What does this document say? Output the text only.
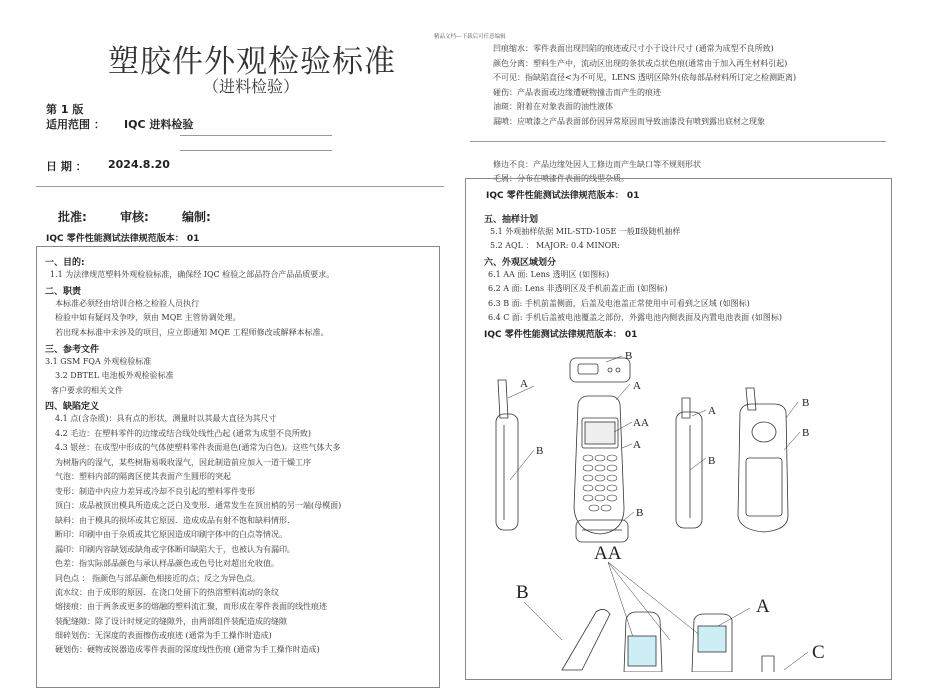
精品文档---下载后可任意编辑
塑胶件外观检验标准
（进料检验）
第 1 版
适用范围 ： IQC 进料检验
日 期 ： 2024.8.20
批准:	审核:	编制:
IQC 零件性能测试法律规范版本： 01
一、目的:
1.1 为法律规范塑料外观检验标准，确保经 IQC 检验之部品符合产品品质要求。
二、职责
本标准必须经由培训合格之检验人员执行
检验中如有疑问及争吵，须由 MQE 主管协调处理。
若出现本标准中未涉及的项目，应立即通知 MQE 工程师修改或解释本标准。
三、参考文件
3.1 GSM FQA 外观检验标准
3.2 DBTEL 电池板外观检验标准
客户要求的相关文件
四、缺陷定义
4.1 点(含杂质)：具有点的形状，测量时以其最大直径为其尺寸
4.2 毛边：在塑料零件的边缘或结合线处线性凸起 (通常为成型不良所致)
4.3 银丝：在成型中形成的气体使塑料零件表面退色(通常为白色)。这些气体大多
为树脂内的湿气，某些树脂易吸收湿气，因此制造前应加入一道干燥工序
气泡：塑料内部的隔离区使其表面产生圆形的突起
变形：制造中内应力差异或冷却不良引起的塑料零件变形
顶白：成品被顶出模具所造成之泛白及变形．通常发生在顶出梢的另一端(母模面)
缺料：由于模具的损坏或其它原因．造成成品有射不饱和缺料情形.
断印：印刷中由于杂质或其它原因造成印刷字体中的白点等情况。
漏印：印刷内容缺划或缺角或字体断印缺陷大于，也被认为有漏印。
色差：指实际部品颜色与承认样品颜色或色号比对超出允收值。
同色点 ： 指颜色与部品颜色相接近的点；反之为异色点。
流水纹：由于成形的原因．在浇口处留下的热溶塑料流动的条纹
熔接痕：由于两条或更多的熔融的塑料流汇聚，而形成在零件表面的线性痕迹
装配缝隙：除了设计时规定的缝隙外，由两部组件装配造成的缝隙
细碎划伤：无深度的表面擦伤或痕迹 (通常为手工操作时造成)
硬划伤：硬物或锐器造成零件表面的深度线性伤痕 (通常为手工操作时造成)
凹痕缩水：零件表面出现凹陷的痕迹或尺寸小于设计尺寸 (通常为成型不良所致)
颜色分离：塑料生产中，流动区出现的条状或点状色痕(通常由于加入再生材料引起)
不可见：指缺陷直径<为不可见，LENS 透明区除外(依每部品材料所订定之检测距离)
碰伤：产品表面或边缘遭硬物撞击而产生的痕迹
油斑：附着在对象表面的油性液体
漏喷：应喷漆之产品表面部份因异常原因而导致油漆没有喷到露出底材之现象
修边不良：产品边缘处因人工修边而产生缺口等不规则形状
毛屑：分布在喷漆件表面的线型杂质。
IQC 零件性能测试法律规范版本： 01
五、抽样计划
5.1 外观抽样依据 MIL-STD-105E 一般Ⅱ级随机抽样
5.2 AQL ： MAJOR: 0.4 MINOR:
六、外观区域划分
6.1 AA 面: Lens 透明区 (如图标)
6.2 A 面: Lens 非透明区及手机前盖正面 (如图标)
6.3 B 面: 手机前盖侧面，后盖及电池盖正常使用中可看到之区域 (如图标)
6.4 C 面: 手机后盖被电池覆盖之部份，外露电池内侧表面及内置电池表面 (如图标)
IQC 零件性能测试法律规范版本： 01
B
A	A
AA
A
B
A
B
B
B
B
AA
B
A
C
